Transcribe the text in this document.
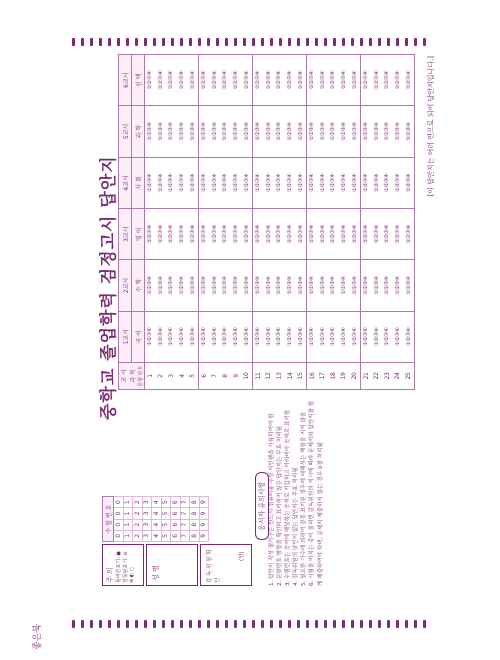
중학교 졸업학력 검정고시 답안지
주 의 올바른표기: ● 잘못된표기: ⊘ ⊗ ◐ ○ 성 명	감 독 위 원 확 인
(인)
수 험 번 호			
0	0	0	0
1	1	1	1
2	2	2	2
3	3	3	3
4	4	4	4
5	5	5	5
6	6	6	6
7	7	7	7
8	8	8	8
9	9	9	9	응시자 유의사항 1. 답안지 작성 필기구는 반드시 컴퓨터용 수성 사인펜을 사용하여야 함 2. 문항번호 방향을 확인하고 표기하지 않은 답안지는 무효 처리됨 3. 수험번호는 숫자에 해당하는 숫자로 기입하고 아라비아 숫자로 표기함 4. 감독위원의 날인이 없는 답안지는 무효 처리됨 5. 필요한 가수에 의하여 잘못 표기된 경우에 대해서는 책임을 지지 않음 6. 시험을 마치는 종이 울리면 감독위원의 지시에 따라 문제지와 답안지를 함께 제출하여야 하며, 문제지 제출하지 않는 경우 0점 처리됨

교 시 과 목 문항 번호	1교시	2교시	3교시	4교시	5교시	6교시
	국 어	수 학	영 어	사 회	과 학	선 택
1	①②③④	①②③④	①②③④	①②③④	①②③④	①②③④
2	①②③④	①②③④	①②③④	①②③④	①②③④	①②③④
3	①②③④	①②③④	①②③④	①②③④	①②③④	①②③④
4	①②③④	①②③④	①②③④	①②③④	①②③④	①②③④
5	①②③④	①②③④	①②③④	①②③④	①②③④	①②③④
6	①②③④	①②③④	①②③④	①②③④	①②③④	①②③④
7	①②③④	①②③④	①②③④	①②③④	①②③④	①②③④
8	①②③④	①②③④	①②③④	①②③④	①②③④	①②③④
9	①②③④	①②③④	①②③④	①②③④	①②③④	①②③④
10	①②③④	①②③④	①②③④	①②③④	①②③④	①②③④
11	①②③④	①②③④	①②③④	①②③④	①②③④	①②③④
12	①②③④	①②③④	①②③④	①②③④	①②③④	①②③④
13	①②③④	①②③④	①②③④	①②③④	①②③④	①②③④
14	①②③④	①②③④	①②③④	①②③④	①②③④	①②③④
15	①②③④	①②③④	①②③④	①②③④	①②③④	①②③④
16	①②③④	①②③④	①②③④	①②③④	①②③④	①②③④
17	①②③④	①②③④	①②③④	①②③④	①②③④	①②③④
18	①②③④	①②③④	①②③④	①②③④	①②③④	①②③④
19	①②③④	①②③④	①②③④	①②③④	①②③④	①②③④
20	①②③④	①②③④	①②③④	①②③④	①②③④	①②③④
21	①②③④	①②③④	①②③④	①②③④	①②③④	①②③④
22	①②③④	①②③④	①②③④	①②③④	①②③④	①②③④
23	①②③④	①②③④	①②③④	①②③④	①②③④	①②③④
24	①②③④	①②③④	①②③④	①②③④	①②③④	①②③④
25	①②③④	①②③④	①②③④	①②③④	①②③④	①②③④ [이 답안지는 여러 면으로 되어 답안지입니다.]
좋은북
